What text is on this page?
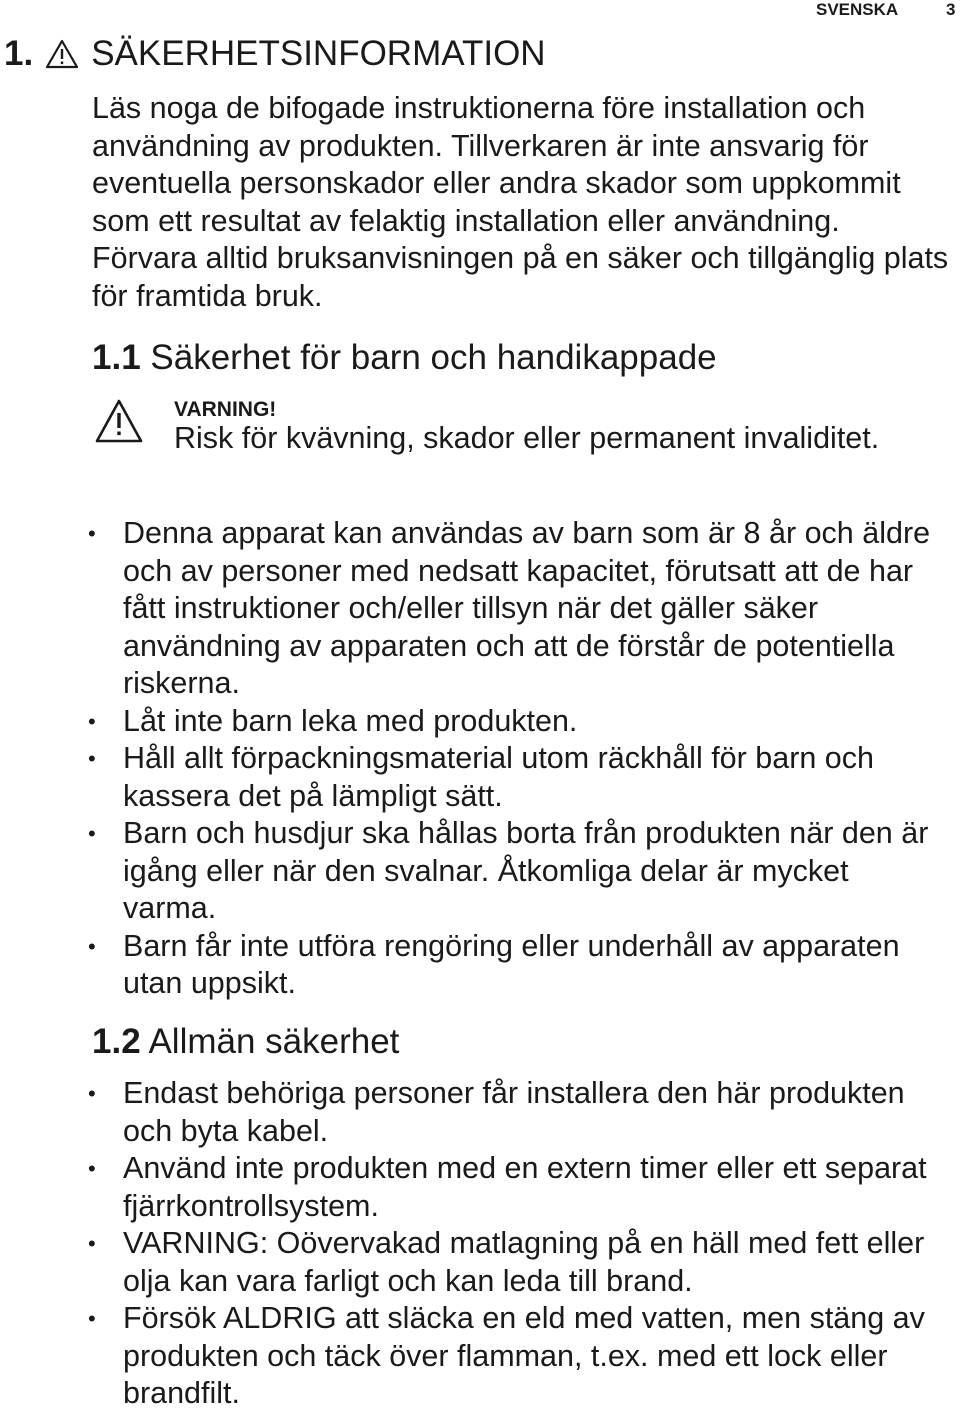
SVENSKA	3
1. SÄKERHETSINFORMATION

Läs noga de bifogade instruktionerna före installation och användning av produkten. Tillverkaren är inte ansvarig för eventuella personskador eller andra skador som uppkommit som ett resultat av felaktig installation eller användning. Förvara alltid bruksanvisningen på en säker och tillgänglig plats för framtida bruk.

1.1 Säkerhet för barn och handikappade
VARNING!
Risk för kvävning, skador eller permanent invaliditet.
• Denna apparat kan användas av barn som är 8 år och äldre och av personer med nedsatt kapacitet, förutsatt att de har fått instruktioner och/eller tillsyn när det gäller säker användning av apparaten och att de förstår de potentiella riskerna.
• Låt inte barn leka med produkten.
• Håll allt förpackningsmaterial utom räckhåll för barn och kassera det på lämpligt sätt.
• Barn och husdjur ska hållas borta från produkten när den är igång eller när den svalnar. Åtkomliga delar är mycket varma.
• Barn får inte utföra rengöring eller underhåll av apparaten utan uppsikt.
1.2 Allmän säkerhet
• Endast behöriga personer får installera den här produkten och byta kabel.
• Använd inte produkten med en extern timer eller ett separat fjärrkontrollsystem.
• VARNING: Oövervakad matlagning på en häll med fett eller olja kan vara farligt och kan leda till brand.
• Försök ALDRIG att släcka en eld med vatten, men stäng av produkten och täck över flamman, t.ex. med ett lock eller brandfilt.
